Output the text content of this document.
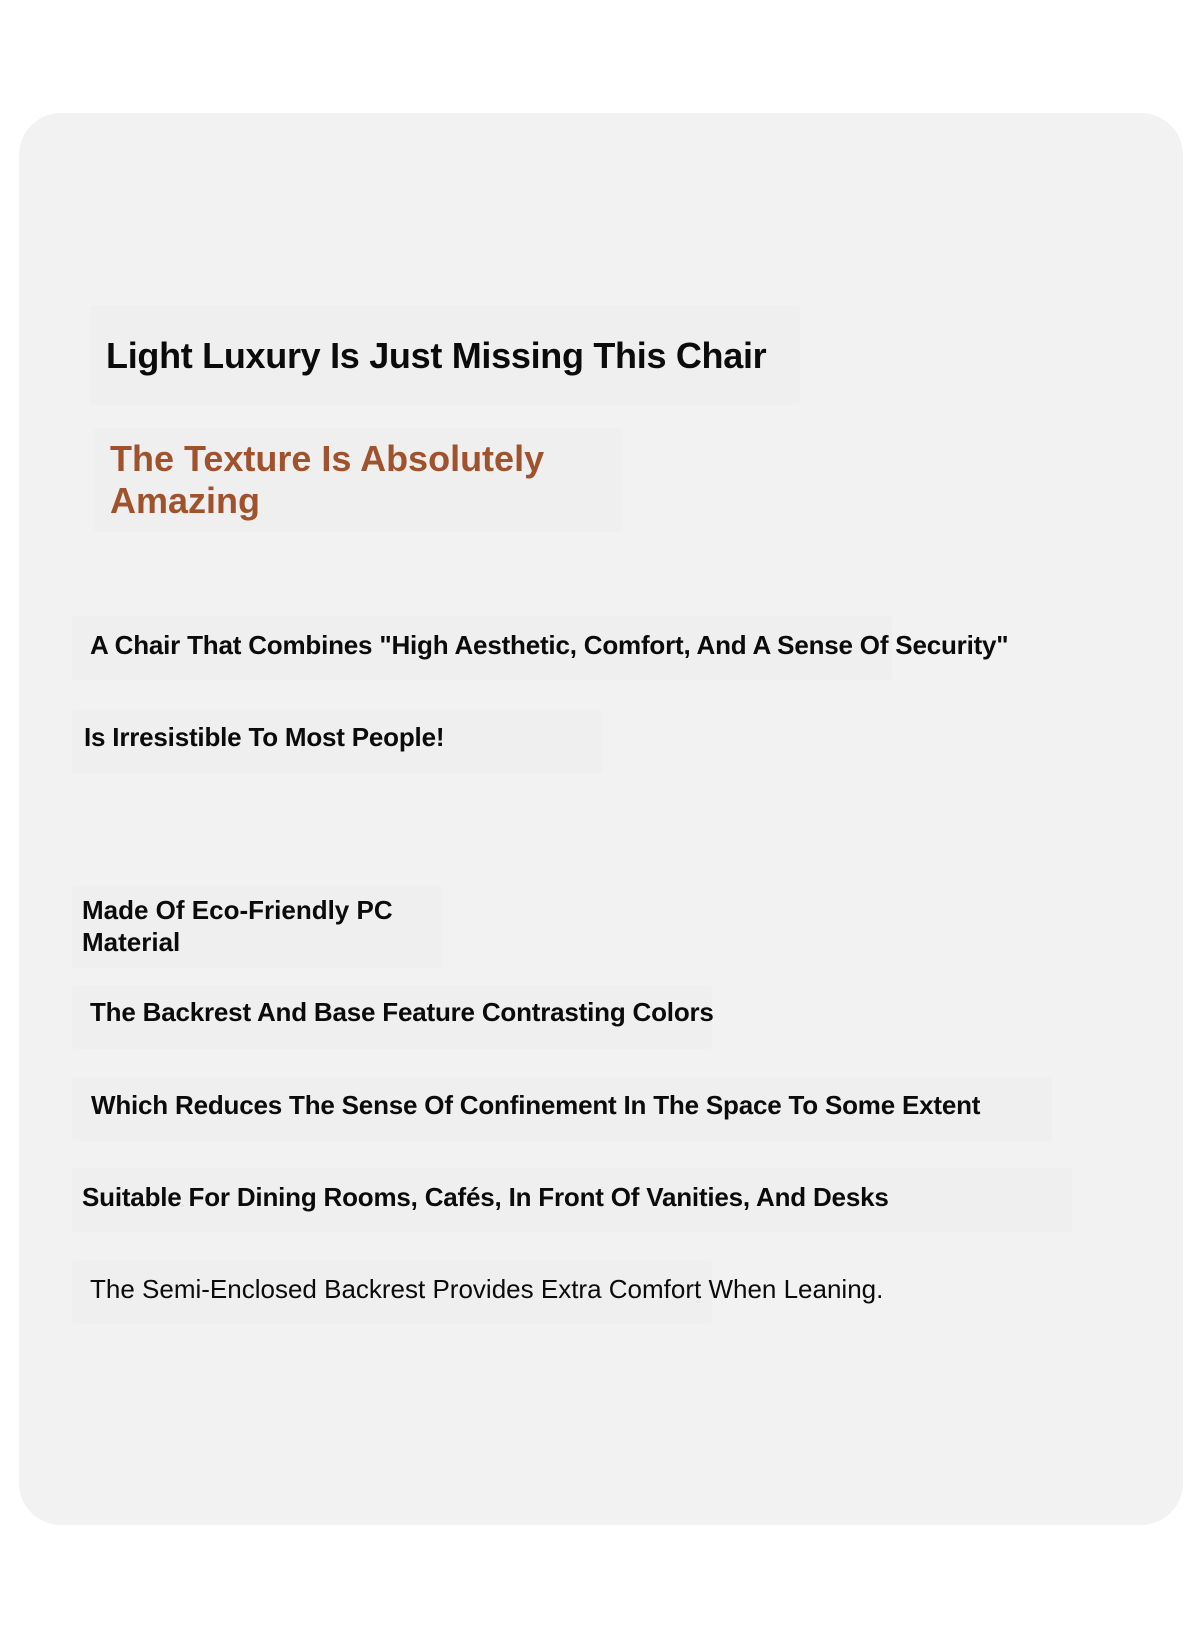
Light Luxury Is Just Missing This Chair
The Texture Is Absolutely Amazing

A Chair That Combines "High Aesthetic, Comfort, And A Sense Of Security"

Is Irresistible To Most People!

Made Of Eco-Friendly PC Material

The Backrest And Base Feature Contrasting Colors

Which Reduces The Sense Of Confinement In The Space To Some Extent

Suitable For Dining Rooms, Cafés, In Front Of Vanities, And Desks

The Semi-Enclosed Backrest Provides Extra Comfort When Leaning.
